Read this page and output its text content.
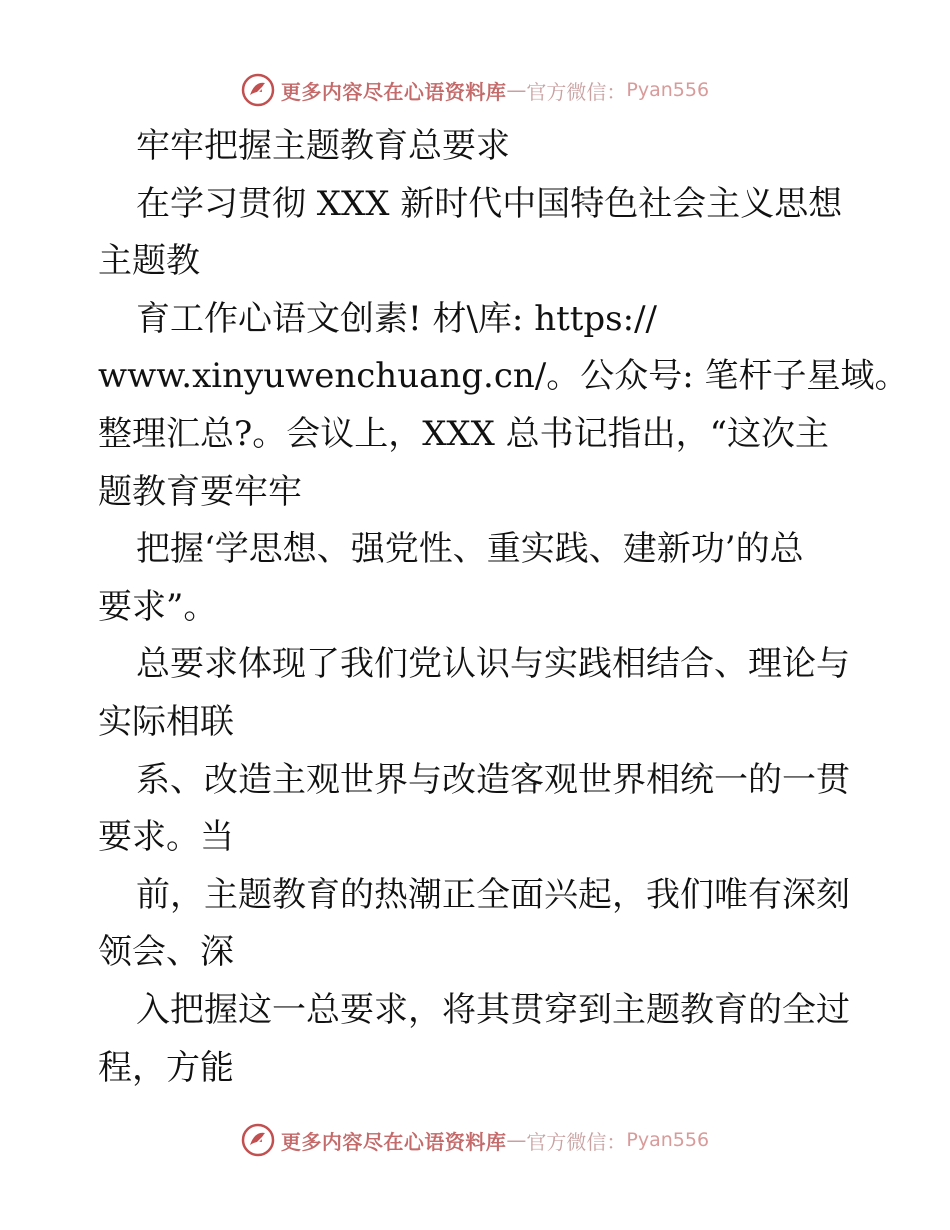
更多内容尽在心语资料库 — 官方微信： Pyan556
牢牢把握主题教育总要求
在学习贯彻 XXX 新时代中国特色社会主义思想
主题教
育工作心语文创素! 材\库: https://
www.xinyuwenchuang.cn/。公众号: 笔杆子星域。
整理汇总?。会议上，XXX 总书记指出，“这次主
题教育要牢牢
把握‘学思想、强党性、重实践、建新功’的总
要求”。
总要求体现了我们党认识与实践相结合、理论与
实际相联
系、改造主观世界与改造客观世界相统一的一贯
要求。当
前，主题教育的热潮正全面兴起，我们唯有深刻
领会、深
入把握这一总要求，将其贯穿到主题教育的全过
程，方能
更多内容尽在心语资料库 — 官方微信： Pyan556
